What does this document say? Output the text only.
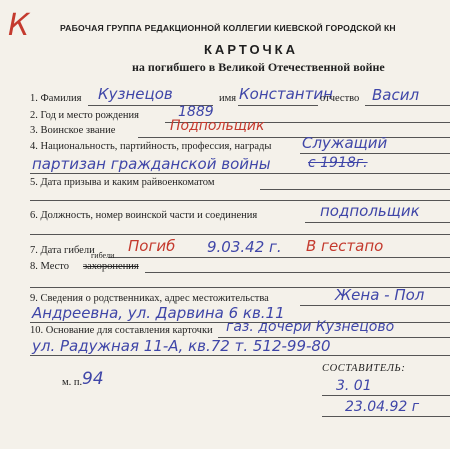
К	РАБОЧАЯ ГРУППА РЕДАКЦИОННОЙ КОЛЛЕГИИ КИЕВСКОЙ ГОРОДСКОЙ КН
КАРТОЧКА
на погибшего в Великой Отечественной войне
1. Фамилия Кузнецов	имя Константин
отчество Васил
2. Год и место рождения	1889
3. Воинское звание	Подпольщик
4. Национальность, партийность, профессия, награды Служащий
партизан гражданской войны	с 1918г.
5. Дата призыва и каким райвоенкоматом
6. Должность, номер воинской части и соединения	подпольщик
7. Дата гибели Погиб 9.03.42 г. В гестапо
8. Место захоронения
гибели
9. Сведения о родственниках, адрес местожительства	Жена - Пол
Андреевна, ул. Дарвина 6 кв.11
10. Основание для составления карточки газ. дочери Кузнецово
ул. Радужная 11-А, кв.72 т. 512-99-80
м. п. 94
СОСТАВИТЕЛЬ:
3. 01
23.04.92 г
